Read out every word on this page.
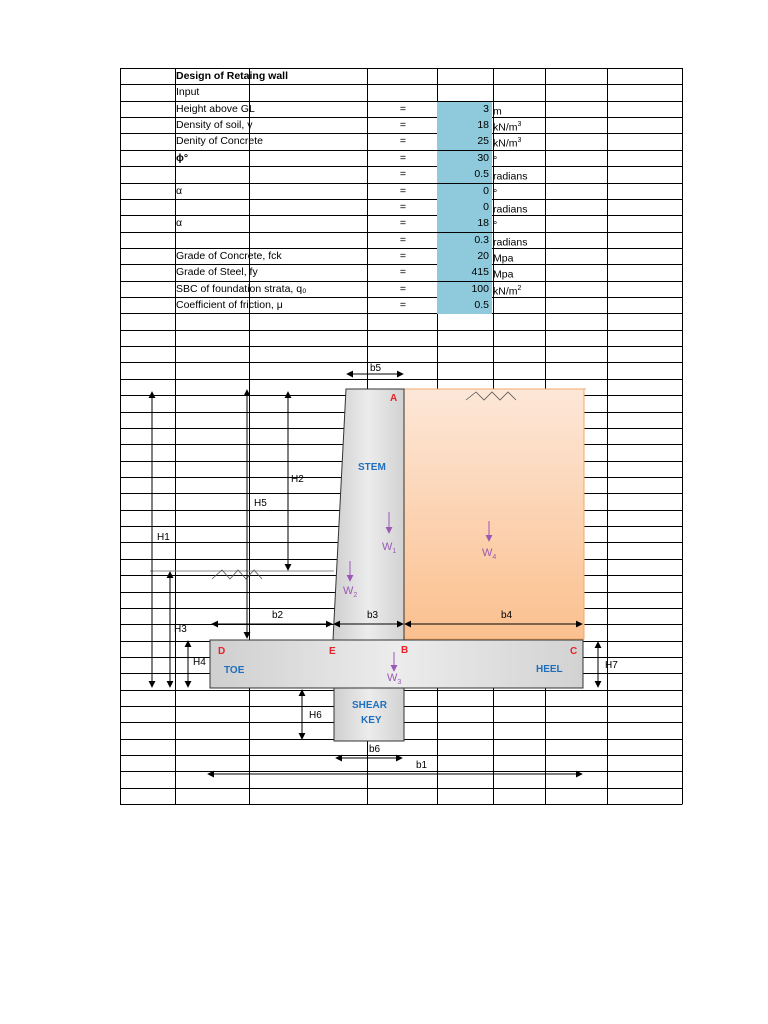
Design of Retaing wall
Input
Height above GL	=	3 m
Density of soil, γ	=	18 $kN/m^3$
Denity of Concrete	=	25 $kN/m^3$
ϕ°	=	30 °
=	0.5 radians
α	=	0 °
=	0 radians
α	=	18 °
=	0.3 radians
Grade of Concrete, fck	=	20 Mpa
Grade of Steel, fy	=	415 Mpa
SBC of foundation strata, q₀	=	100 $kN/m^2$
Coefficient of friction, μ	=	0.5
A
B	C
D	E
STEM
TOE	HEEL
SHEAR
KEY
$W_1$
$W_2$
$W_3$
$W_4$
H1
H2
H3
H4
H5
H6
H7
b5
b2	b3	b4
b6
b1
